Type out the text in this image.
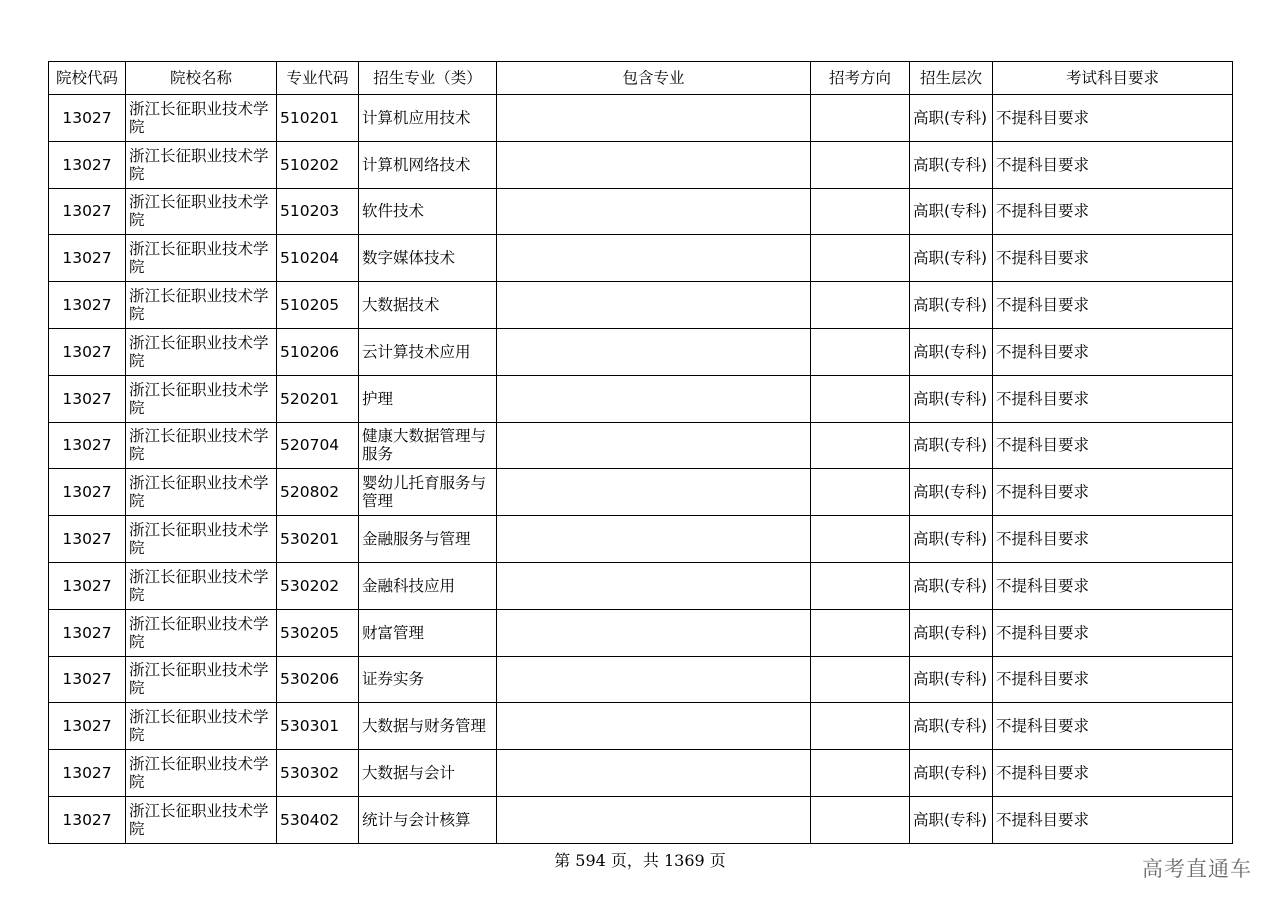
院校代码	院校名称	专业代码	招生专业（类）	包含专业	招考方向	招生层次	考试科目要求
13027	浙江长征职业技术学院	510201	计算机应用技术			高职(专科)	不提科目要求
13027	浙江长征职业技术学院	510202	计算机网络技术			高职(专科)	不提科目要求
13027	浙江长征职业技术学院	510203	软件技术			高职(专科)	不提科目要求
13027	浙江长征职业技术学院	510204	数字媒体技术			高职(专科)	不提科目要求
13027	浙江长征职业技术学院	510205	大数据技术			高职(专科)	不提科目要求
13027	浙江长征职业技术学院	510206	云计算技术应用			高职(专科)	不提科目要求
13027	浙江长征职业技术学院	520201	护理			高职(专科)	不提科目要求
13027	浙江长征职业技术学院	520704	健康大数据管理与服务			高职(专科)	不提科目要求
13027	浙江长征职业技术学院	520802	婴幼儿托育服务与管理			高职(专科)	不提科目要求
13027	浙江长征职业技术学院	530201	金融服务与管理			高职(专科)	不提科目要求
13027	浙江长征职业技术学院	530202	金融科技应用			高职(专科)	不提科目要求
13027	浙江长征职业技术学院	530205	财富管理			高职(专科)	不提科目要求
13027	浙江长征职业技术学院	530206	证券实务			高职(专科)	不提科目要求
13027	浙江长征职业技术学院	530301	大数据与财务管理			高职(专科)	不提科目要求
13027	浙江长征职业技术学院	530302	大数据与会计			高职(专科)	不提科目要求
13027	浙江长征职业技术学院	530402	统计与会计核算			高职(专科)	不提科目要求
第 594 页，共 1369 页	高考直通车
